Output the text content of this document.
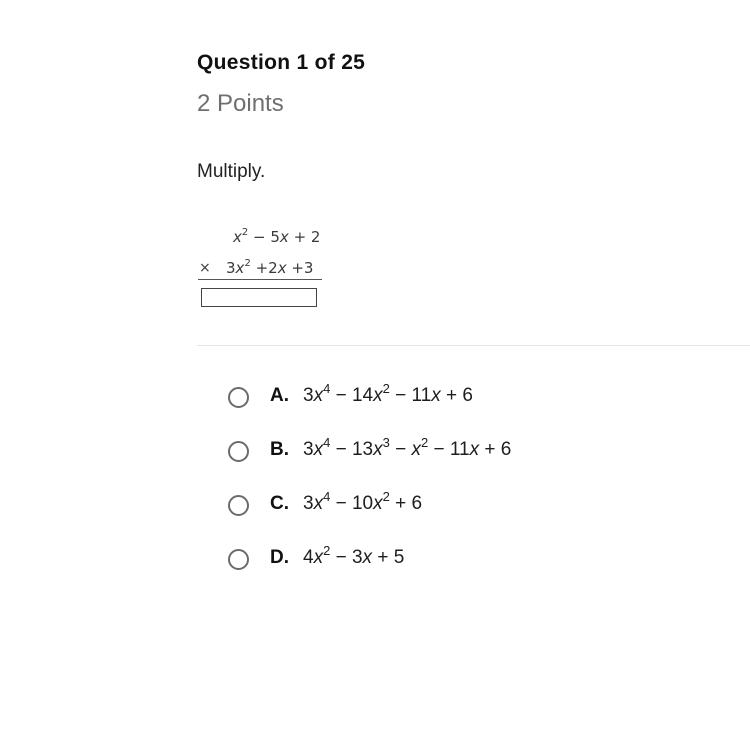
Question 1 of 25
2 Points
Multiply.
$x^2 - 5x + 2$
× $3x^2 +2x +3$
A. $3x^4 - 14x^2 - 11x + 6$
B. $3x^4 - 13x^3 - x^2 - 11x + 6$
C. $3x^4 - 10x^2 + 6$
D. $4x^2 - 3x + 5$
